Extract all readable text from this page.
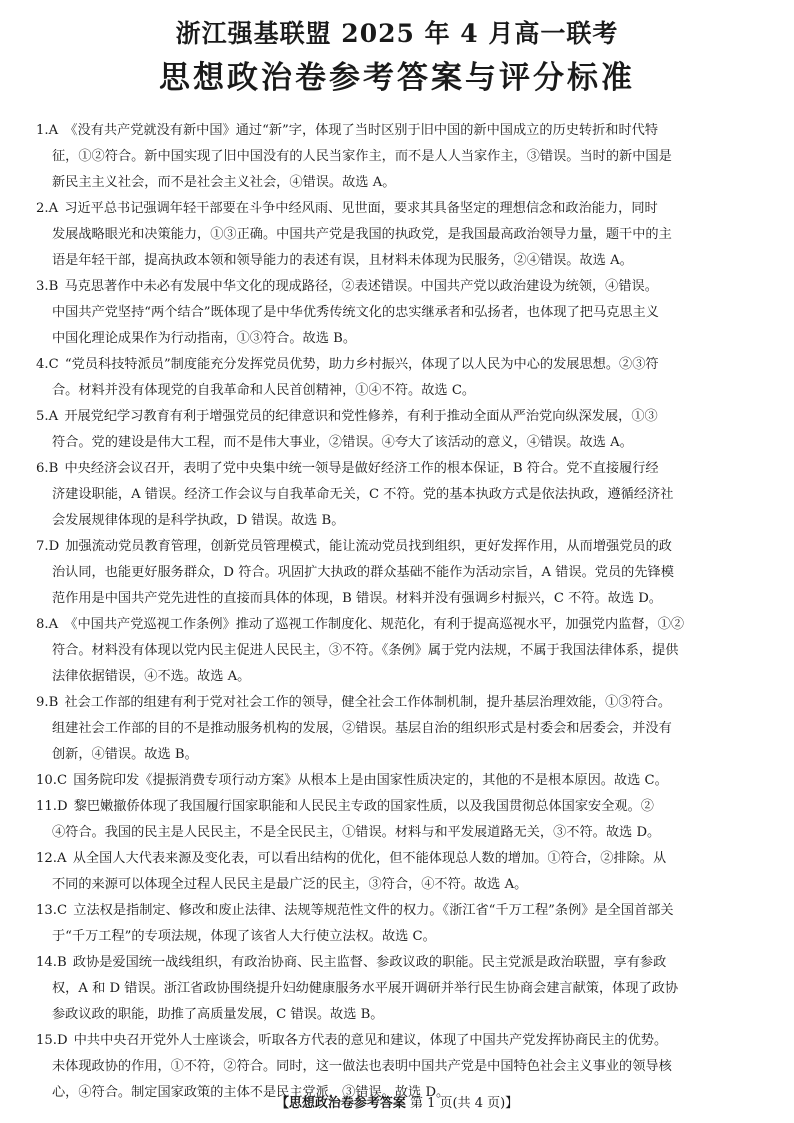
浙江强基联盟 2025 年 4 月高一联考
思想政治卷参考答案与评分标准
1.A 《没有共产党就没有新中国》通过“新”字，体现了当时区别于旧中国的新中国成立的历史转折和时代特
征，①②符合。新中国实现了旧中国没有的人民当家作主，而不是人人当家作主，③错误。当时的新中国是
新民主主义社会，而不是社会主义社会，④错误。故选 A。
2.A 习近平总书记强调年轻干部要在斗争中经风雨、见世面，要求其具备坚定的理想信念和政治能力，同时
发展战略眼光和决策能力，①③正确。中国共产党是我国的执政党，是我国最高政治领导力量，题干中的主
语是年轻干部，提高执政本领和领导能力的表述有误，且材料未体现为民服务，②④错误。故选 A。
3.B 马克思著作中未必有发展中华文化的现成路径，②表述错误。中国共产党以政治建设为统领，④错误。
中国共产党坚持“两个结合”既体现了是中华优秀传统文化的忠实继承者和弘扬者，也体现了把马克思主义
中国化理论成果作为行动指南，①③符合。故选 B。
4.C “党员科技特派员”制度能充分发挥党员优势，助力乡村振兴，体现了以人民为中心的发展思想。②③符
合。材料并没有体现党的自我革命和人民首创精神，①④不符。故选 C。
5.A 开展党纪学习教育有利于增强党员的纪律意识和党性修养，有利于推动全面从严治党向纵深发展，①③
符合。党的建设是伟大工程，而不是伟大事业，②错误。④夸大了该活动的意义，④错误。故选 A。
6.B 中央经济会议召开，表明了党中央集中统一领导是做好经济工作的根本保证，B 符合。党不直接履行经
济建设职能，A 错误。经济工作会议与自我革命无关，C 不符。党的基本执政方式是依法执政，遵循经济社
会发展规律体现的是科学执政，D 错误。故选 B。
7.D 加强流动党员教育管理，创新党员管理模式，能让流动党员找到组织，更好发挥作用，从而增强党员的政
治认同，也能更好服务群众，D 符合。巩固扩大执政的群众基础不能作为活动宗旨，A 错误。党员的先锋模
范作用是中国共产党先进性的直接而具体的体现，B 错误。材料并没有强调乡村振兴，C 不符。故选 D。
8.A 《中国共产党巡视工作条例》推动了巡视工作制度化、规范化，有利于提高巡视水平，加强党内监督，①②
符合。材料没有体现以党内民主促进人民民主，③不符。《条例》属于党内法规，不属于我国法律体系，提供
法律依据错误，④不选。故选 A。
9.B 社会工作部的组建有利于党对社会工作的领导，健全社会工作体制机制，提升基层治理效能，①③符合。
组建社会工作部的目的不是推动服务机构的发展，②错误。基层自治的组织形式是村委会和居委会，并没有
创新，④错误。故选 B。
10.C 国务院印发《提振消费专项行动方案》从根本上是由国家性质决定的，其他的不是根本原因。故选 C。
11.D 黎巴嫩撤侨体现了我国履行国家职能和人民民主专政的国家性质，以及我国贯彻总体国家安全观。②
④符合。我国的民主是人民民主，不是全民民主，①错误。材料与和平发展道路无关，③不符。故选 D。
12.A 从全国人大代表来源及变化表，可以看出结构的优化，但不能体现总人数的增加。①符合，②排除。从
不同的来源可以体现全过程人民民主是最广泛的民主，③符合，④不符。故选 A。
13.C 立法权是指制定、修改和废止法律、法规等规范性文件的权力。《浙江省“千万工程”条例》是全国首部关
于“千万工程”的专项法规，体现了该省人大行使立法权。故选 C。
14.B 政协是爱国统一战线组织，有政治协商、民主监督、参政议政的职能。民主党派是政治联盟，享有参政
权，A 和 D 错误。浙江省政协围绕提升妇幼健康服务水平展开调研并举行民生协商会建言献策，体现了政协
参政议政的职能，助推了高质量发展，C 错误。故选 B。
15.D 中共中央召开党外人士座谈会，听取各方代表的意见和建议，体现了中国共产党发挥协商民主的优势。
未体现政协的作用，①不符，②符合。同时，这一做法也表明中国共产党是中国特色社会主义事业的领导核
心，④符合。制定国家政策的主体不是民主党派，③错误。故选 D。
【思想政治卷参考答案 第 1 页(共 4 页)】
